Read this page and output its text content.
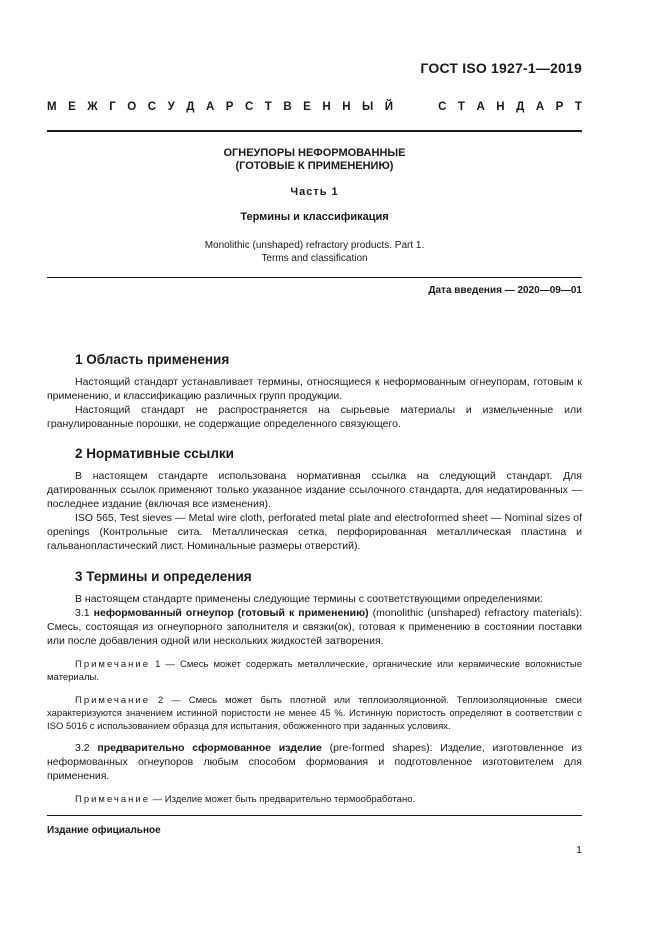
ГОСТ ISO 1927-1—2019
М Е Ж Г О С У Д А Р С Т В Е Н Н Ы Й	С Т А Н Д А Р Т
ОГНЕУПОРЫ НЕФОРМОВАННЫЕ
(ГОТОВЫЕ К ПРИМЕНЕНИЮ)
Часть 1
Термины и классификация
Monolithic (unshaped) refractory products. Part 1.
Terms and classification
Дата введения — 2020—09—01
1 Область применения

Настоящий стандарт устанавливает термины, относящиеся к неформованным огнеупорам, готовым к применению, и классификацию различных групп продукции.

Настоящий стандарт не распространяется на сырьевые материалы и измельченные или гранулированные порошки, не содержащие определенного связующего.

2 Нормативные ссылки

В настоящем стандарте использована нормативная ссылка на следующий стандарт. Для датированных ссылок применяют только указанное издание ссылочного стандарта, для недатированных — последнее издание (включая все изменения).

ISO 565, Test sieves — Metal wire cloth, perforated metal plate and electroformed sheet — Nominal sizes of openings (Контрольные сита. Металлическая сетка, перфорированная металлическая пластина и гальванопластический лист. Номинальные размеры отверстий).

3 Термины и определения

В настоящем стандарте применены следующие термины с соответствующими определениями:

3.1 неформованный огнеупор (готовый к применению) (monolithic (unshaped) refractory materials): Смесь, состоящая из огнеупорного заполнителя и связки(ок), готовая к применению в состоянии поставки или после добавления одной или нескольких жидкостей затворения.

Примечание 1 — Смесь может содержать металлические, органические или керамические волокнистые материалы.

Примечание 2 — Смесь может быть плотной или теплоизоляционной. Теплоизоляционные смеси характеризуются значением истинной пористости не менее 45 %. Истинную пористость определяют в соответствии с ISO 5016 с использованием образца для испытания, обожженного при заданных условиях.

3.2 предварительно сформованное изделие (pre-formed shapes): Изделие, изготовленное из неформованных огнеупоров любым способом формования и подготовленное изготовителем для применения.

Примечание — Изделие может быть предварительно термообработано.

Издание официальное
1
